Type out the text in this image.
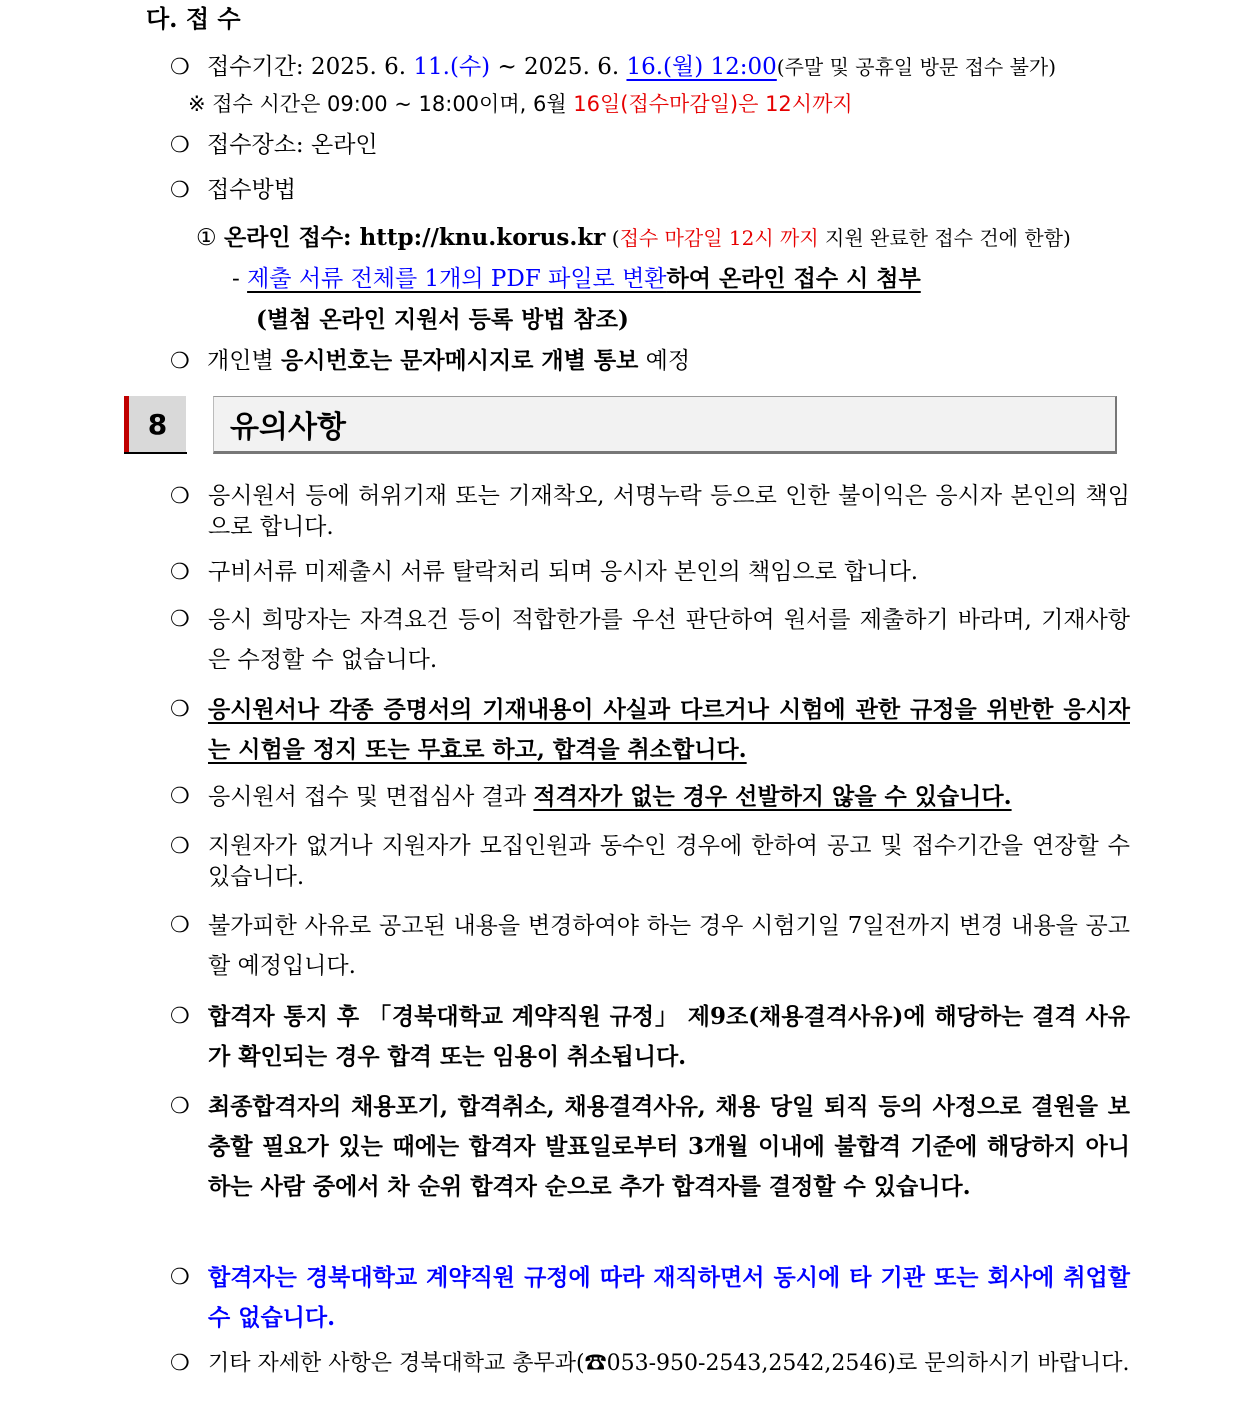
다. 접 수
❍ 접수기간: 2025. 6. 11.(수) ~ 2025. 6. 16.(월) 12:00(주말 및 공휴일 방문 접수 불가)
※ 접수 시간은 09:00 ~ 18:00이며, 6월 16일(접수마감일)은 12시까지
❍ 접수장소: 온라인
❍ 접수방법
① 온라인 접수: http://knu.korus.kr (접수 마감일 12시 까지 지원 완료한 접수 건에 한함)
- 제출 서류 전체를 1개의 PDF 파일로 변환하여 온라인 접수 시 첨부
(별첨 온라인 지원서 등록 방법 참조)
❍ 개인별 응시번호는 문자메시지로 개별 통보 예정
8	유의사항
❍ 응시원서 등에 허위기재 또는 기재착오, 서명누락 등으로 인한 불이익은 응시자 본인의 책임으로 합니다.
❍ 구비서류 미제출시 서류 탈락처리 되며 응시자 본인의 책임으로 합니다.
❍ 응시 희망자는 자격요건 등이 적합한가를 우선 판단하여 원서를 제출하기 바라며, 기재사항은 수정할 수 없습니다.
❍ 응시원서나 각종 증명서의 기재내용이 사실과 다르거나 시험에 관한 규정을 위반한 응시자는 시험을 정지 또는 무효로 하고, 합격을 취소합니다.
❍ 응시원서 접수 및 면접심사 결과 적격자가 없는 경우 선발하지 않을 수 있습니다.
❍ 지원자가 없거나 지원자가 모집인원과 동수인 경우에 한하여 공고 및 접수기간을 연장할 수 있습니다.
❍ 불가피한 사유로 공고된 내용을 변경하여야 하는 경우 시험기일 7일전까지 변경 내용을 공고할 예정입니다.
❍ 합격자 통지 후 「경북대학교 계약직원 규정」 제9조(채용결격사유)에 해당하는 결격 사유가 확인되는 경우 합격 또는 임용이 취소됩니다.
❍ 최종합격자의 채용포기, 합격취소, 채용결격사유, 채용 당일 퇴직 등의 사정으로 결원을 보충할 필요가 있는 때에는 합격자 발표일로부터 3개월 이내에 불합격 기준에 해당하지 아니하는 사람 중에서 차 순위 합격자 순으로 추가 합격자를 결정할 수 있습니다.
❍ 합격자는 경북대학교 계약직원 규정에 따라 재직하면서 동시에 타 기관 또는 회사에 취업할 수 없습니다.
❍ 기타 자세한 사항은 경북대학교 총무과(☎053-950-2543,2542,2546)로 문의하시기 바랍니다.
